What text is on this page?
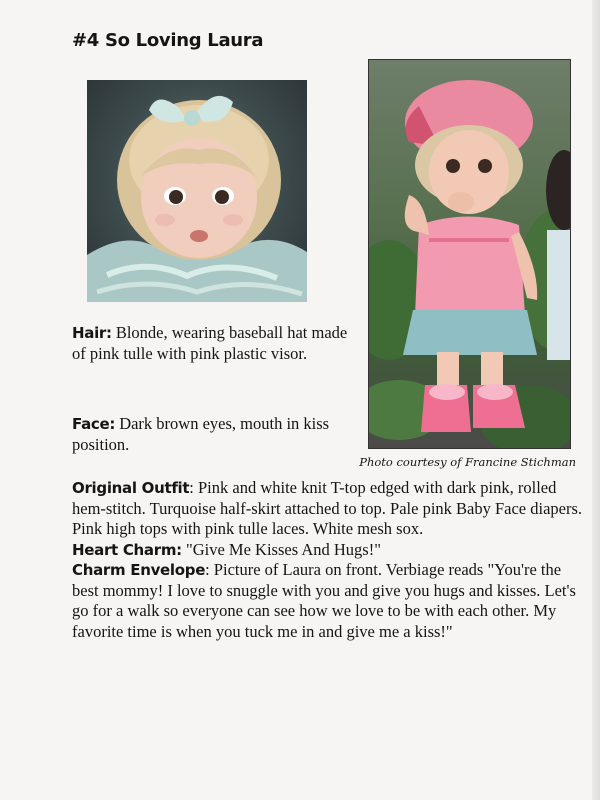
#4 So Loving Laura
Photo courtesy of Francine Stichman
Hair: Blonde, wearing baseball hat made of pink tulle with pink plastic visor.
Face: Dark brown eyes, mouth in kiss position.

Original Outfit: Pink and white knit T-top edged with dark pink, rolled hem-stitch. Turquoise half-skirt attached to top. Pale pink Baby Face diapers.

Pink high tops with pink tulle laces. White mesh sox.

Heart Charm: "Give Me Kisses And Hugs!"

Charm Envelope: Picture of Laura on front. Verbiage reads "You're the best mommy! I love to snuggle with you and give you hugs and kisses. Let's go for a walk so everyone can see how we love to be with each other. My favorite time is when you tuck me in and give me a kiss!"
